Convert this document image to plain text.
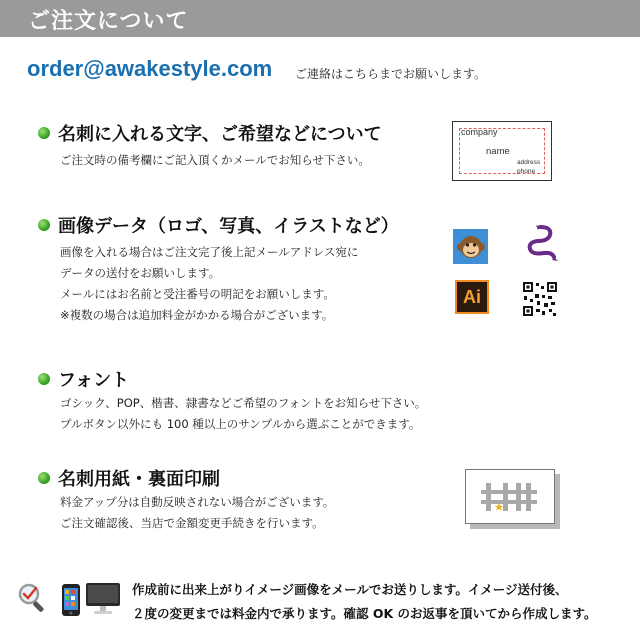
ご注文について
order@awakestyle.com ご連絡はこちらまでお願いします。
名刺に入れる文字、ご希望などについて
ご注文時の備考欄にご記入頂くかメールでお知らせ下さい。
company
name
address
phone
画像データ（ロゴ、写真、イラストなど）
画像を入れる場合はご注文完了後上記メールアドレス宛に
データの送付をお願いします。
メールにはお名前と受注番号の明記をお願いします。
※複数の場合は追加料金がかかる場合がございます。
Ai
フォント
ゴシック、POP、楷書、隷書などご希望のフォントをお知らせ下さい。
プルボタン以外にも 100 種以上のサンプルから選ぶことができます。
名刺用紙・裏面印刷
料金アップ分は自動反映されない場合がございます。
ご注文確認後、当店で金額変更手続きを行います。
作成前に出来上がりイメージ画像をメールでお送りします。イメージ送付後、
２度の変更までは料金内で承ります。確認 OK のお返事を頂いてから作成します。
